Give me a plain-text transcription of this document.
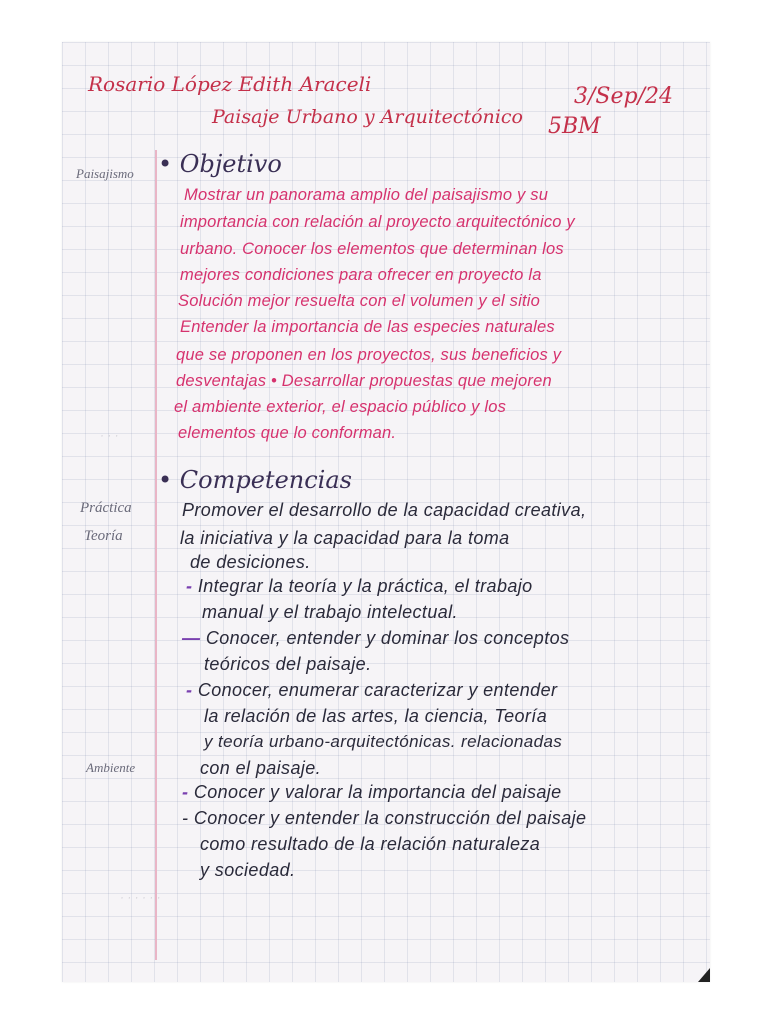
· · ·
· · · · · ·
Rosario López Edith Araceli	3/Sep/24
Paisaje Urbano y Arquitectónico 5BM
Paisajismo • Objetivo
Mostrar un panorama amplio del paisajismo y su
importancia con relación al proyecto arquitectónico y
urbano. Conocer los elementos que determinan los
mejores condiciones para ofrecer en proyecto la
Solución mejor resuelta con el volumen y el sitio
Entender la importancia de las especies naturales
que se proponen en los proyectos, sus beneficios y
desventajas • Desarrollar propuestas que mejoren
el ambiente exterior, el espacio público y los
elementos que lo conforman.
• Competencias
Práctica
Teoría
Ambiente
Promover el desarrollo de la capacidad creativa,
la iniciativa y la capacidad para la toma
de desiciones.
- Integrar la teoría y la práctica, el trabajo
manual y el trabajo intelectual.
— Conocer, entender y dominar los conceptos
teóricos del paisaje.
- Conocer, enumerar caracterizar y entender
la relación de las artes, la ciencia, Teoría
y teoría urbano-arquitectónicas. relacionadas
con el paisaje.
- Conocer y valorar la importancia del paisaje
- Conocer y entender la construcción del paisaje
como resultado de la relación naturaleza
y sociedad.
